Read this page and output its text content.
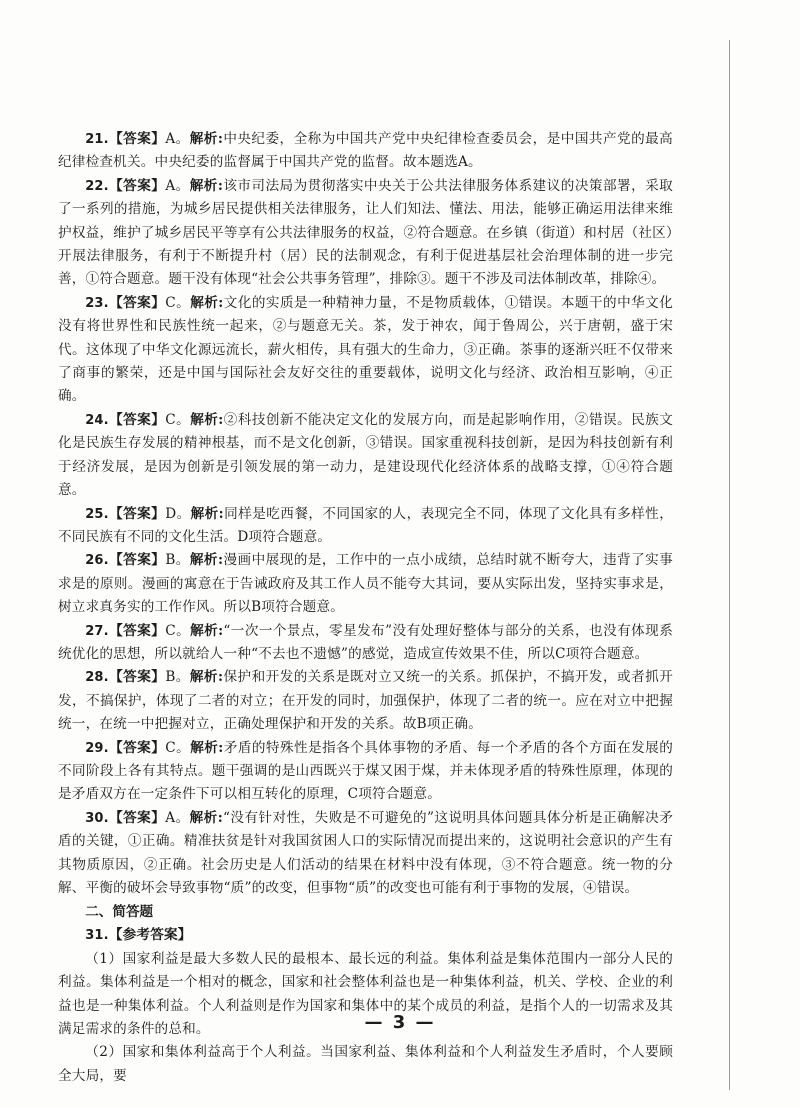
21.【答案】A。解析:中央纪委，全称为中国共产党中央纪律检查委员会，是中国共产党的最高纪律检查机关。中央纪委的监督属于中国共产党的监督。故本题选A。

22.【答案】A。解析:该市司法局为贯彻落实中央关于公共法律服务体系建议的决策部署，采取了一系列的措施，为城乡居民提供相关法律服务，让人们知法、懂法、用法，能够正确运用法律来维护权益，维护了城乡居民平等享有公共法律服务的权益，②符合题意。在乡镇（街道）和村居（社区）开展法律服务，有利于不断提升村（居）民的法制观念，有利于促进基层社会治理体制的进一步完善，①符合题意。题干没有体现“社会公共事务管理”，排除③。题干不涉及司法体制改革，排除④。

23.【答案】C。解析:文化的实质是一种精神力量，不是物质载体，①错误。本题干的中华文化没有将世界性和民族性统一起来，②与题意无关。茶，发于神农，闻于鲁周公，兴于唐朝，盛于宋代。这体现了中华文化源远流长，薪火相传，具有强大的生命力，③正确。茶事的逐渐兴旺不仅带来了商事的繁荣，还是中国与国际社会友好交往的重要载体，说明文化与经济、政治相互影响，④正确。

24.【答案】C。解析:②科技创新不能决定文化的发展方向，而是起影响作用，②错误。民族文化是民族生存发展的精神根基，而不是文化创新，③错误。国家重视科技创新，是因为科技创新有利于经济发展，是因为创新是引领发展的第一动力，是建设现代化经济体系的战略支撑，①④符合题意。

25.【答案】D。解析:同样是吃西餐，不同国家的人，表现完全不同，体现了文化具有多样性，不同民族有不同的文化生活。D项符合题意。

26.【答案】B。解析:漫画中展现的是，工作中的一点小成绩，总结时就不断夸大，违背了实事求是的原则。漫画的寓意在于告诫政府及其工作人员不能夸大其词，要从实际出发，坚持实事求是，树立求真务实的工作作风。所以B项符合题意。

27.【答案】C。解析:“一次一个景点，零星发布”没有处理好整体与部分的关系，也没有体现系统优化的思想，所以就给人一种“不去也不遗憾”的感觉，造成宣传效果不佳，所以C项符合题意。

28.【答案】B。解析:保护和开发的关系是既对立又统一的关系。抓保护，不搞开发，或者抓开发，不搞保护，体现了二者的对立；在开发的同时，加强保护，体现了二者的统一。应在对立中把握统一，在统一中把握对立，正确处理保护和开发的关系。故B项正确。

29.【答案】C。解析:矛盾的特殊性是指各个具体事物的矛盾、每一个矛盾的各个方面在发展的不同阶段上各有其特点。题干强调的是山西既兴于煤又困于煤，并未体现矛盾的特殊性原理，体现的是矛盾双方在一定条件下可以相互转化的原理，C项符合题意。

30.【答案】A。解析:“没有针对性，失败是不可避免的”这说明具体问题具体分析是正确解决矛盾的关键，①正确。精准扶贫是针对我国贫困人口的实际情况而提出来的，这说明社会意识的产生有其物质原因，②正确。社会历史是人们活动的结果在材料中没有体现，③不符合题意。统一物的分解、平衡的破坏会导致事物“质”的改变，但事物“质”的改变也可能有利于事物的发展，④错误。

二、简答题

31.【参考答案】

（1）国家利益是最大多数人民的最根本、最长远的利益。集体利益是集体范围内一部分人民的利益。集体利益是一个相对的概念，国家和社会整体利益也是一种集体利益，机关、学校、企业的利益也是一种集体利益。个人利益则是作为国家和集体中的某个成员的利益，是指个人的一切需求及其满足需求的条件的总和。

（2）国家和集体利益高于个人利益。当国家利益、集体利益和个人利益发生矛盾时，个人要顾全大局，要

— 3 —
